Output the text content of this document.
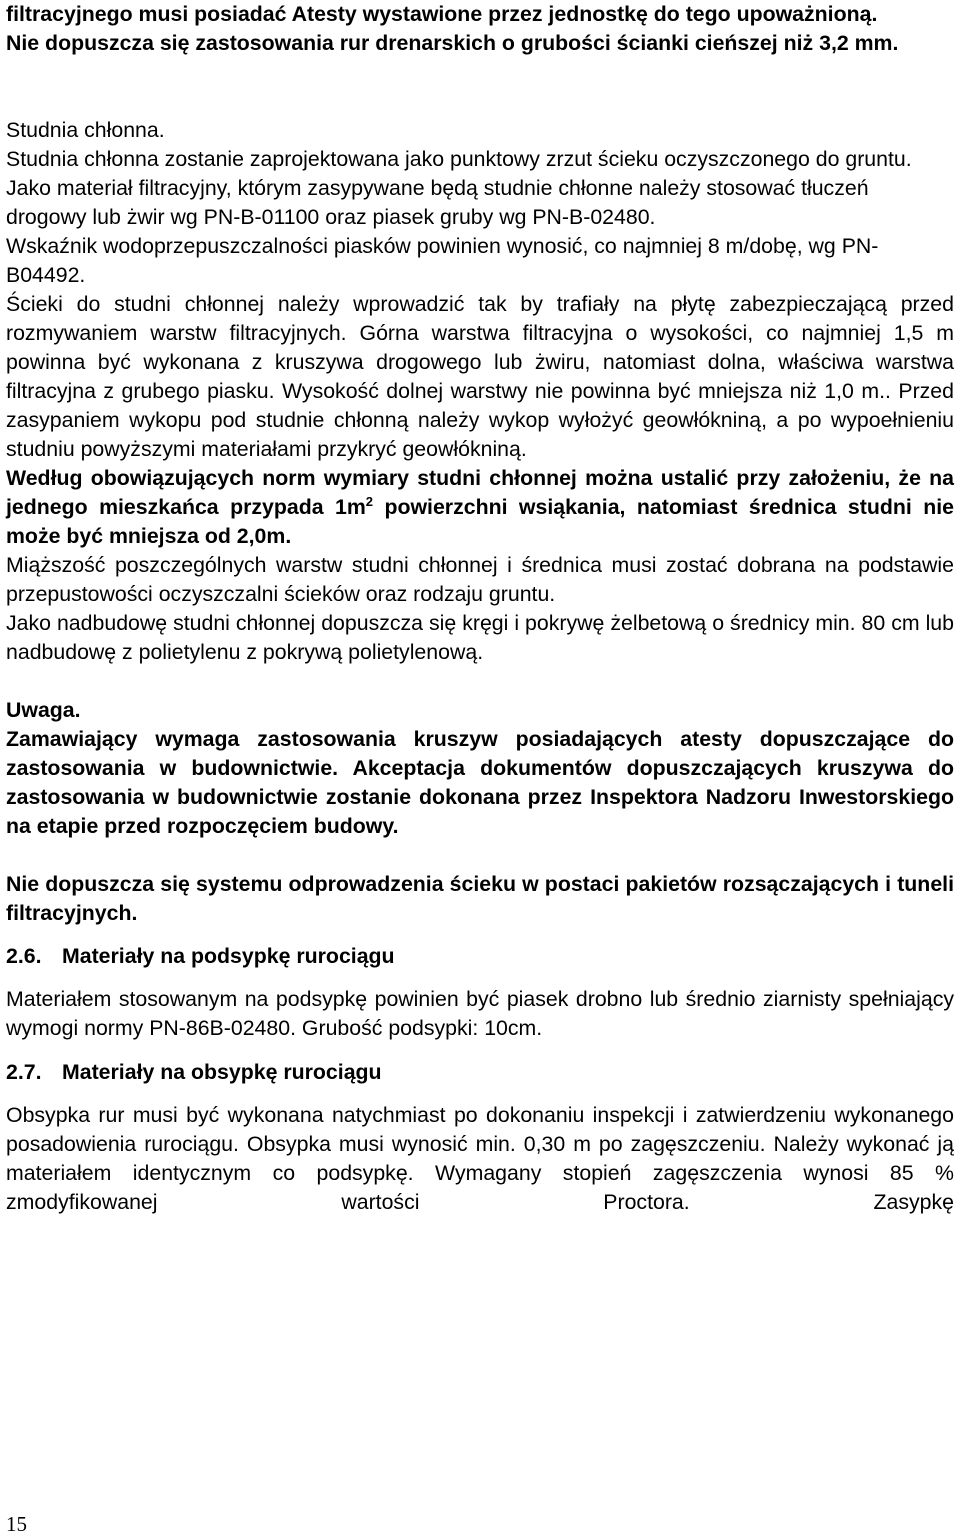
filtracyjnego musi posiadać Atesty wystawione przez jednostkę do tego upoważnioną.

Nie dopuszcza się zastosowania rur drenarskich o grubości ścianki cieńszej niż 3,2 mm.

Studnia chłonna.

Studnia chłonna zostanie zaprojektowana jako punktowy zrzut ścieku oczyszczonego do gruntu.

Jako materiał filtracyjny, którym zasypywane będą studnie chłonne należy stosować tłuczeń drogowy lub żwir wg PN-B-01100 oraz piasek gruby wg PN-B-02480.

Wskaźnik wodoprzepuszczalności piasków powinien wynosić, co najmniej 8 m/dobę, wg PN-B04492.

Ścieki do studni chłonnej należy wprowadzić tak by trafiały na płytę zabezpieczającą przed rozmywaniem warstw filtracyjnych. Górna warstwa filtracyjna o wysokości, co najmniej 1,5 m powinna być wykonana z kruszywa drogowego lub żwiru, natomiast dolna, właściwa warstwa filtracyjna z grubego piasku. Wysokość dolnej warstwy nie powinna być mniejsza niż 1,0 m.. Przed zasypaniem wykopu pod studnie chłonną należy wykop wyłożyć geowłókniną, a po wypoełnieniu studniu powyższymi materiałami przykryć geowłókniną.

Według obowiązujących norm wymiary studni chłonnej można ustalić przy założeniu, że na jednego mieszkańca przypada $1m^2$ powierzchni wsiąkania, natomiast średnica studni nie może być mniejsza od 2,0m.

Miąższość poszczególnych warstw studni chłonnej i średnica musi zostać dobrana na podstawie przepustowości oczyszczalni ścieków oraz rodzaju gruntu.

Jako nadbudowę studni chłonnej dopuszcza się kręgi i pokrywę żelbetową o średnicy min. 80 cm lub nadbudowę z polietylenu z pokrywą polietylenową.

Uwaga.

Zamawiający wymaga zastosowania kruszyw posiadających atesty dopuszczające do zastosowania w budownictwie. Akceptacja dokumentów dopuszczających kruszywa do zastosowania w budownictwie zostanie dokonana przez Inspektora Nadzoru Inwestorskiego na etapie przed rozpoczęciem budowy.

Nie dopuszcza się systemu odprowadzenia ścieku w postaci pakietów rozsączających i tuneli filtracyjnych.

2.6. Materiały na podsypkę rurociągu

Materiałem stosowanym na podsypkę powinien być piasek drobno lub średnio ziarnisty spełniający wymogi normy PN-86B-02480. Grubość podsypki: 10cm.

2.7. Materiały na obsypkę rurociągu

Obsypka rur musi być wykonana natychmiast po dokonaniu inspekcji i zatwierdzeniu wykonanego posadowienia rurociągu. Obsypka musi wynosić min. 0,30 m po zagęszczeniu. Należy wykonać ją materiałem identycznym co podsypkę. Wymagany stopień zagęszczenia wynosi 85 % zmodyfikowanej wartości Proctora. Zasypkę

15
